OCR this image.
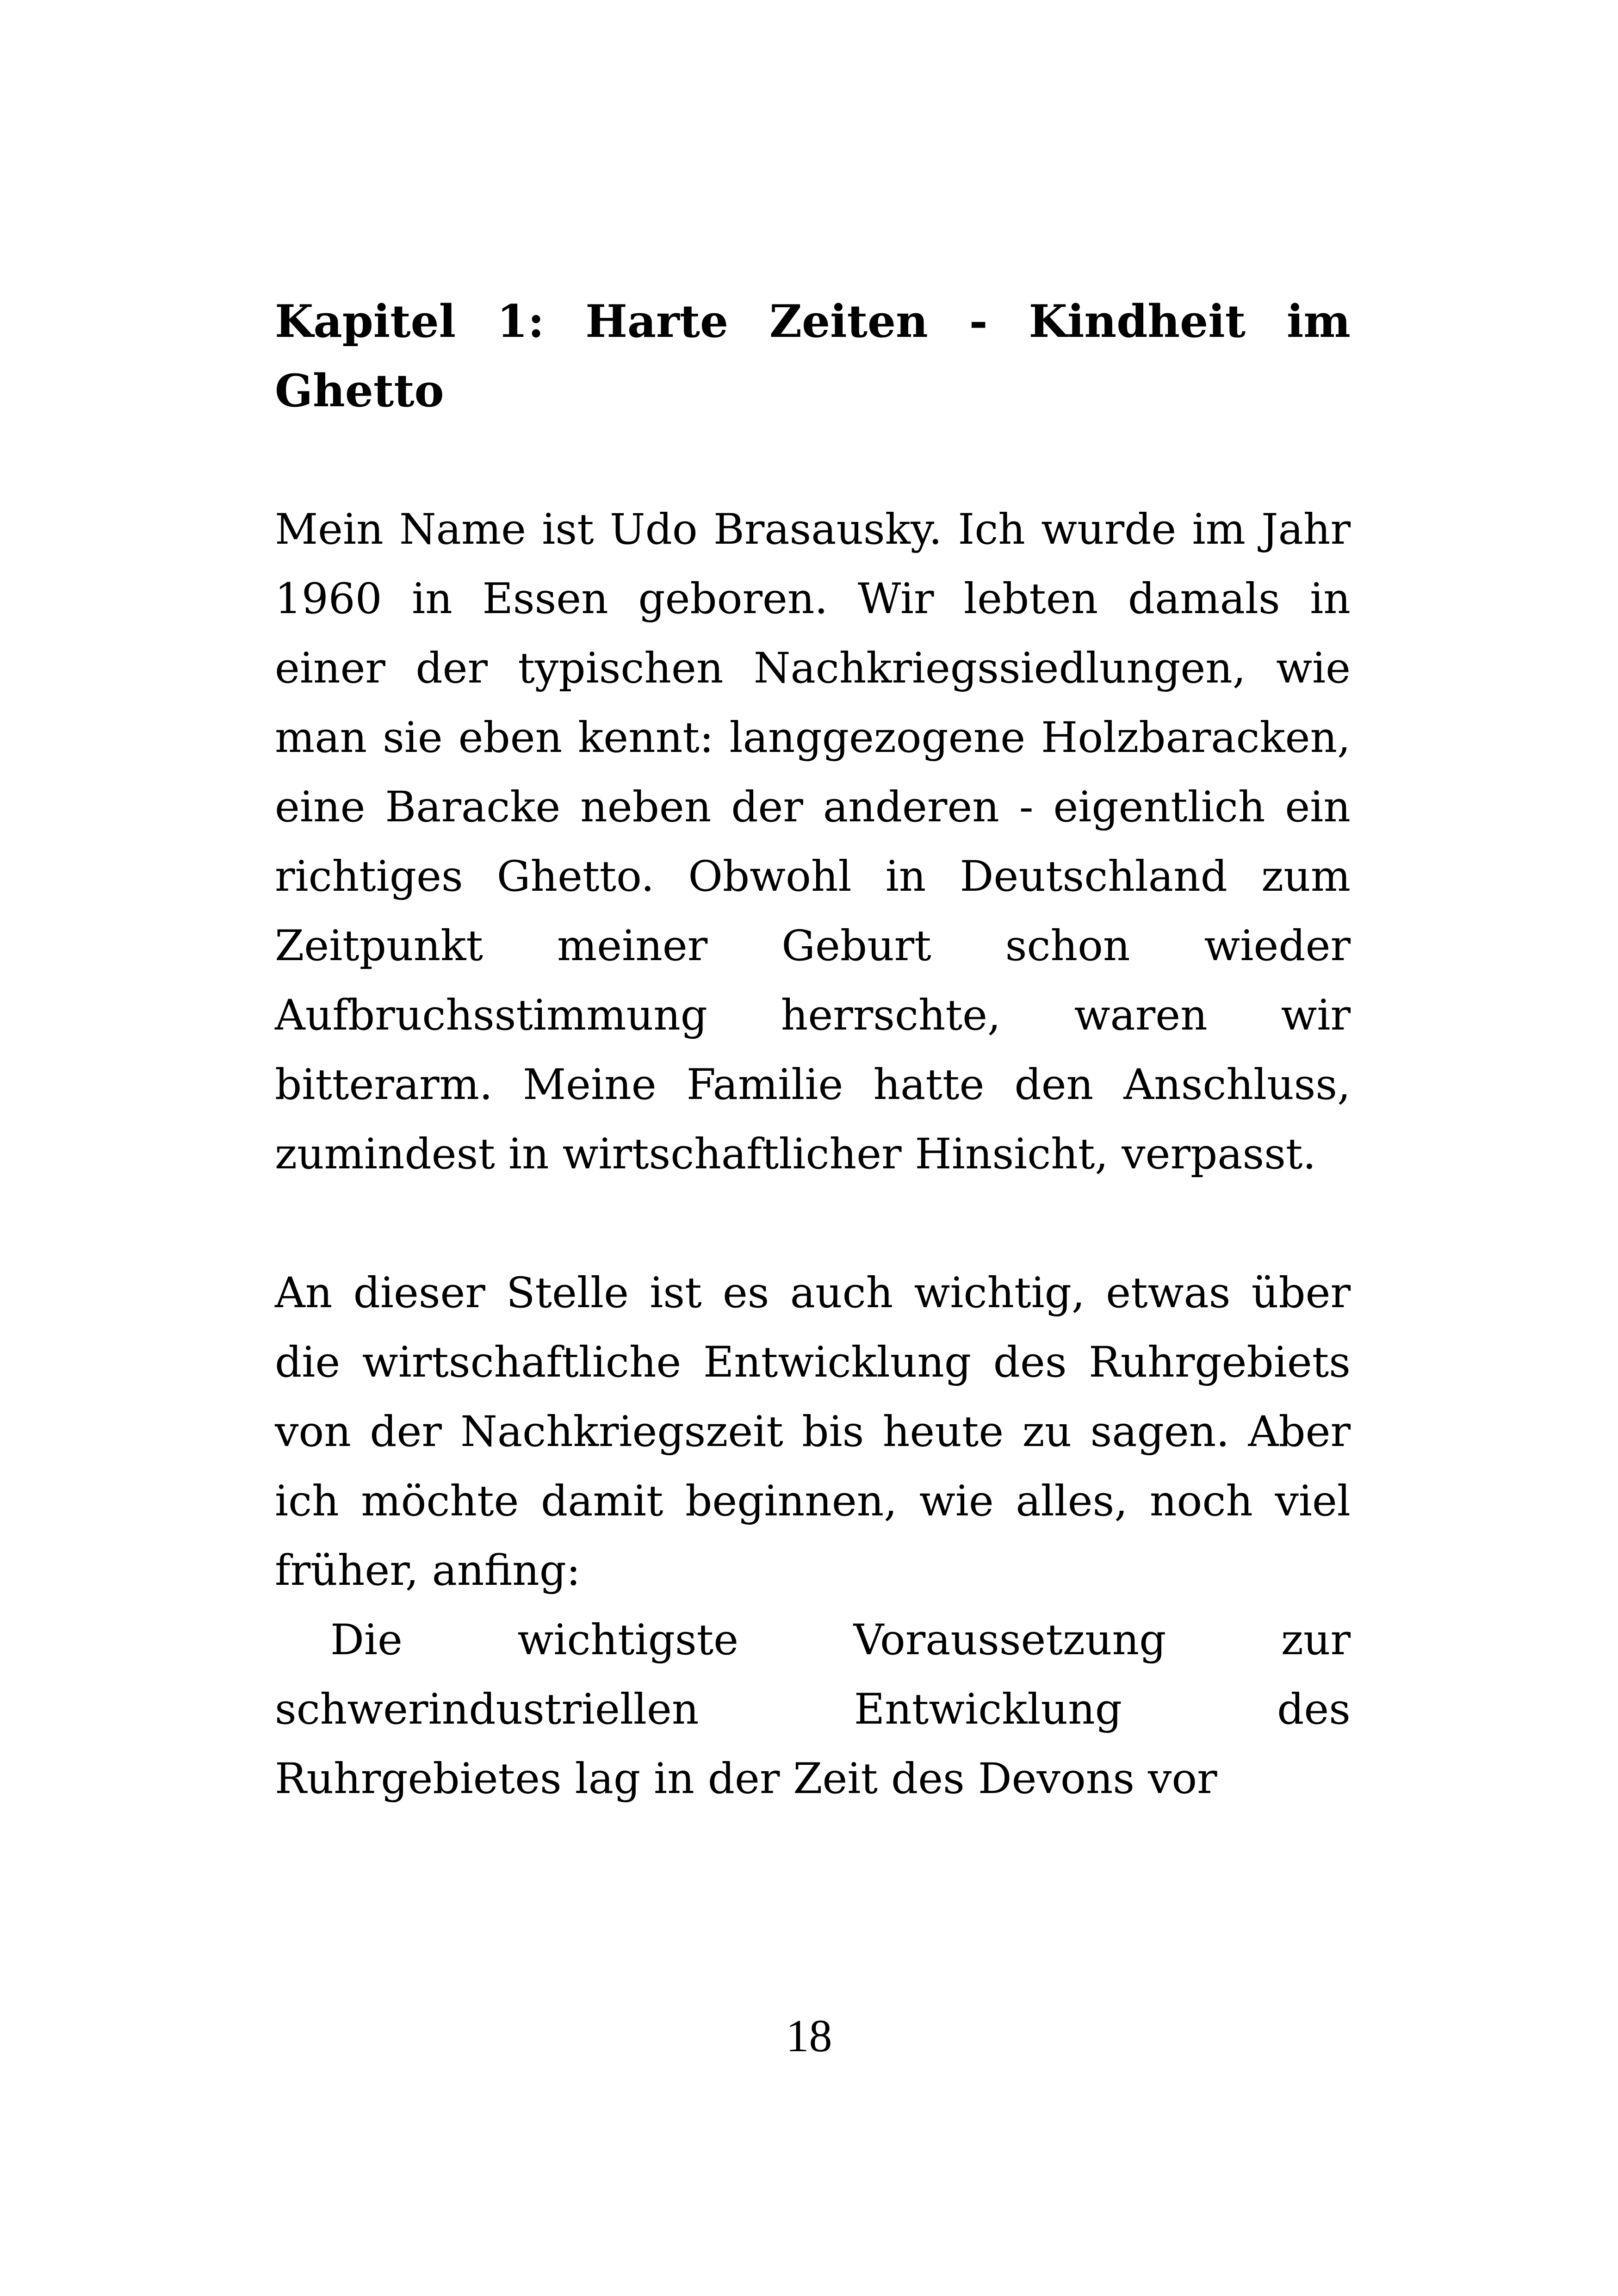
Kapitel 1: Harte Zeiten - Kindheit im Ghetto

Mein Name ist Udo Brasausky. Ich wurde im Jahr 1960 in Essen geboren. Wir lebten damals in einer der typischen Nachkriegssiedlungen, wie man sie eben kennt: langgezogene Holzbaracken, eine Baracke neben der anderen - eigentlich ein richtiges Ghetto. Obwohl in Deutschland zum Zeitpunkt meiner Geburt schon wieder Aufbruchsstimmung herrschte, waren wir bitterarm. Meine Familie hatte den Anschluss, zumindest in wirtschaftlicher Hinsicht, verpasst.

An dieser Stelle ist es auch wichtig, etwas über die wirtschaftliche Entwicklung des Ruhrgebiets von der Nachkriegszeit bis heute zu sagen. Aber ich möchte damit beginnen, wie alles, noch viel früher, anfing:

Die wichtigste Voraussetzung zur schwerindustriellen Entwicklung des Ruhrgebietes lag in der Zeit des Devons vor

18
